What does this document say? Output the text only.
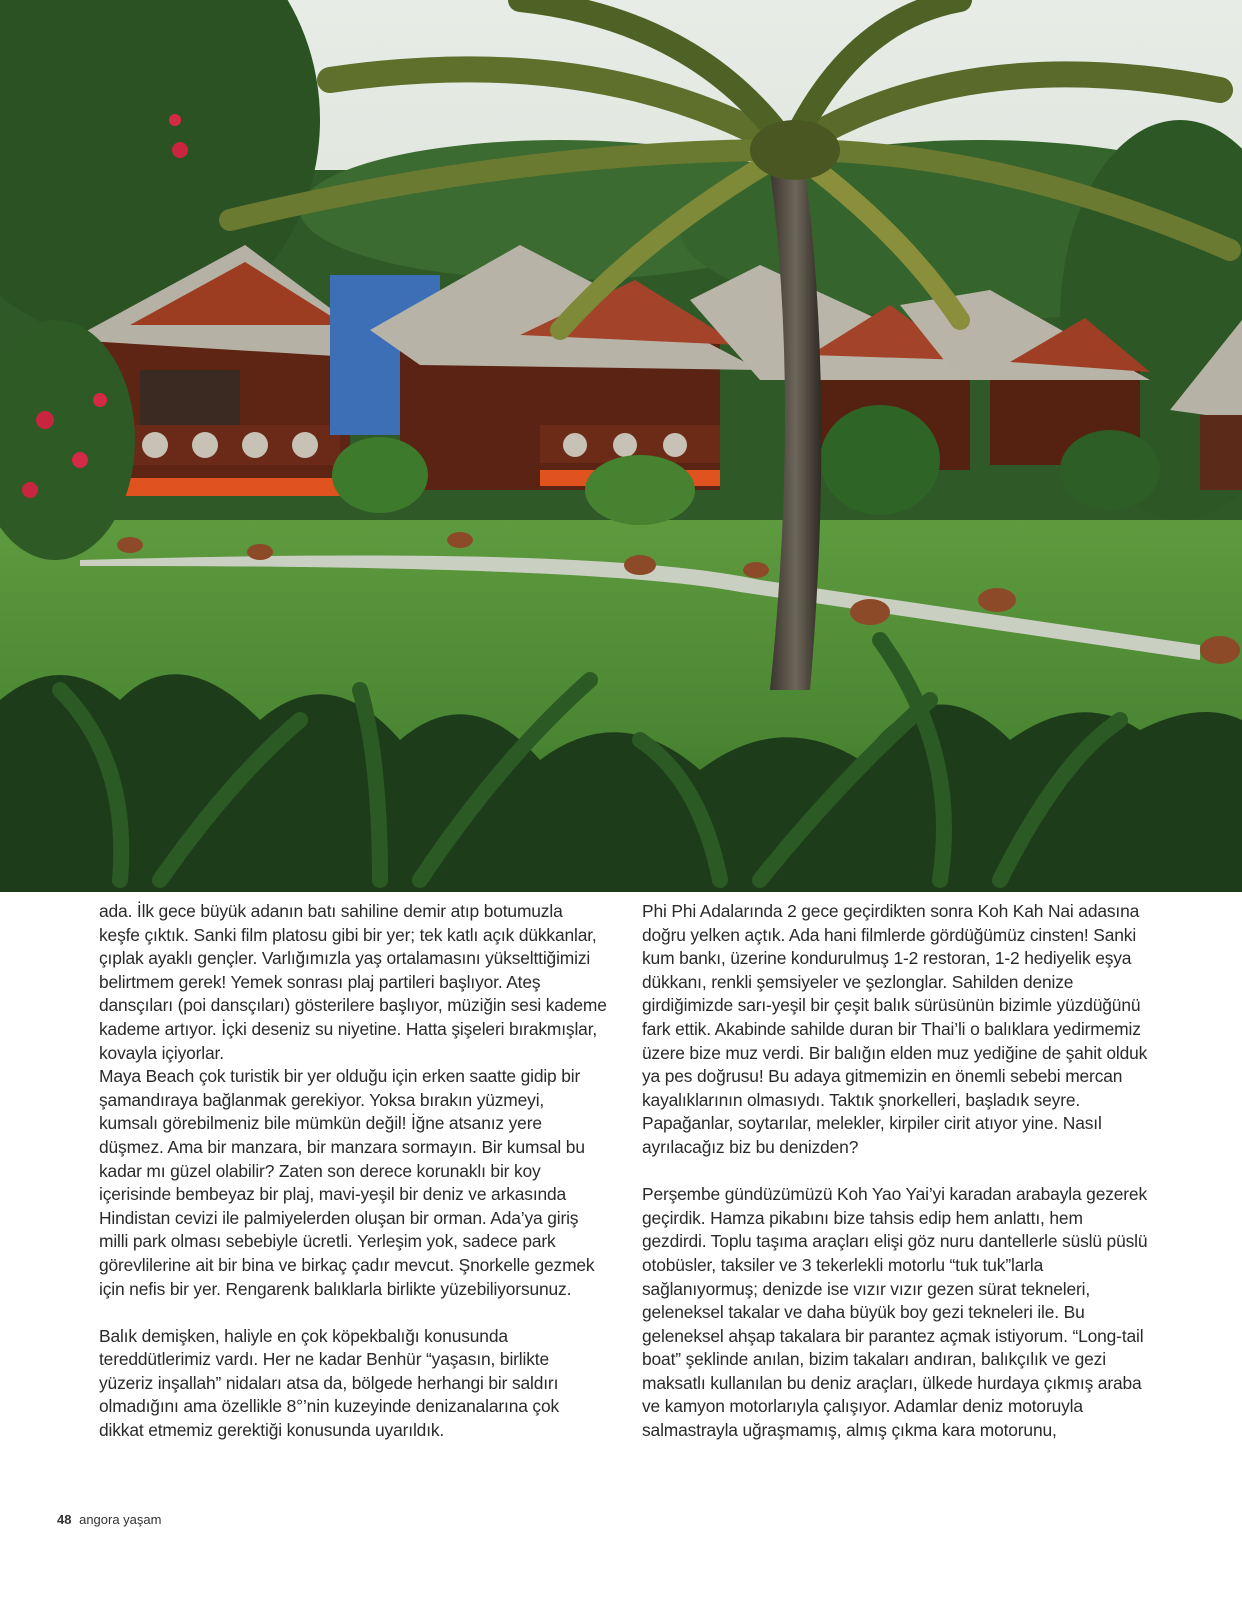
ada. İlk gece büyük adanın batı sahiline demir atıp botumuzla keşfe çıktık. Sanki film platosu gibi bir yer; tek katlı açık dükkanlar, çıplak ayaklı gençler. Varlığımızla yaş ortalamasını yükselttiğimizi belirtmem gerek! Yemek sonrası plaj partileri başlıyor. Ateş dansçıları (poi dansçıları) gösterilere başlıyor, müziğin sesi kademe kademe artıyor. İçki deseniz su niyetine. Hatta şişeleri bırakmışlar, kovayla içiyorlar.

Maya Beach çok turistik bir yer olduğu için erken saatte gidip bir şamandıraya bağlanmak gerekiyor. Yoksa bırakın yüzmeyi, kumsalı görebilmeniz bile mümkün değil! İğne atsanız yere düşmez. Ama bir manzara, bir manzara sormayın. Bir kumsal bu kadar mı güzel olabilir? Zaten son derece korunaklı bir koy içerisinde bembeyaz bir plaj, mavi-yeşil bir deniz ve arkasında Hindistan cevizi ile palmiyelerden oluşan bir orman. Ada’ya giriş milli park olması sebebiyle ücretli. Yerleşim yok, sadece park görevlilerine ait bir bina ve birkaç çadır mevcut. Şnorkelle gezmek için nefis bir yer. Rengarenk balıklarla birlikte yüzebiliyorsunuz.

Balık demişken, haliyle en çok köpekbalığı konusunda tereddütlerimiz vardı. Her ne kadar Benhür “yaşasın, birlikte yüzeriz inşallah” nidaları atsa da, bölgede herhangi bir saldırı olmadığını ama özellikle 8°’nin kuzeyinde denizanalarına çok dikkat etmemiz gerektiği konusunda uyarıldık.

Phi Phi Adalarında 2 gece geçirdikten sonra Koh Kah Nai adasına doğru yelken açtık. Ada hani filmlerde gördüğümüz cinsten! Sanki kum bankı, üzerine kondurulmuş 1-2 restoran, 1-2 hediyelik eşya dükkanı, renkli şemsiyeler ve şezlonglar. Sahilden denize girdiğimizde sarı-yeşil bir çeşit balık sürüsünün bizimle yüzdüğünü fark ettik. Akabinde sahilde duran bir Thai’li o balıklara yedirmemiz üzere bize muz verdi. Bir balığın elden muz yediğine de şahit olduk ya pes doğrusu! Bu adaya gitmemizin en önemli sebebi mercan kayalıklarının olmasıydı. Taktık şnorkelleri, başladık seyre. Papağanlar, soytarılar, melekler, kirpiler cirit atıyor yine. Nasıl ayrılacağız biz bu denizden?

Perşembe gündüzümüzü Koh Yao Yai’yi karadan arabayla gezerek geçirdik. Hamza pikabını bize tahsis edip hem anlattı, hem gezdirdi. Toplu taşıma araçları elişi göz nuru dantellerle süslü püslü otobüsler, taksiler ve 3 tekerlekli motorlu “tuk tuk”larla sağlanıyormuş; denizde ise vızır vızır gezen sürat tekneleri, geleneksel takalar ve daha büyük boy gezi tekneleri ile. Bu geleneksel ahşap takalara bir parantez açmak istiyorum. “Long-tail boat” şeklinde anılan, bizim takaları andıran, balıkçılık ve gezi maksatlı kullanılan bu deniz araçları, ülkede hurdaya çıkmış araba ve kamyon motorlarıyla çalışıyor. Adamlar deniz motoruyla salmastrayla uğraşmamış, almış çıkma kara motorunu,

48 angora yaşam
